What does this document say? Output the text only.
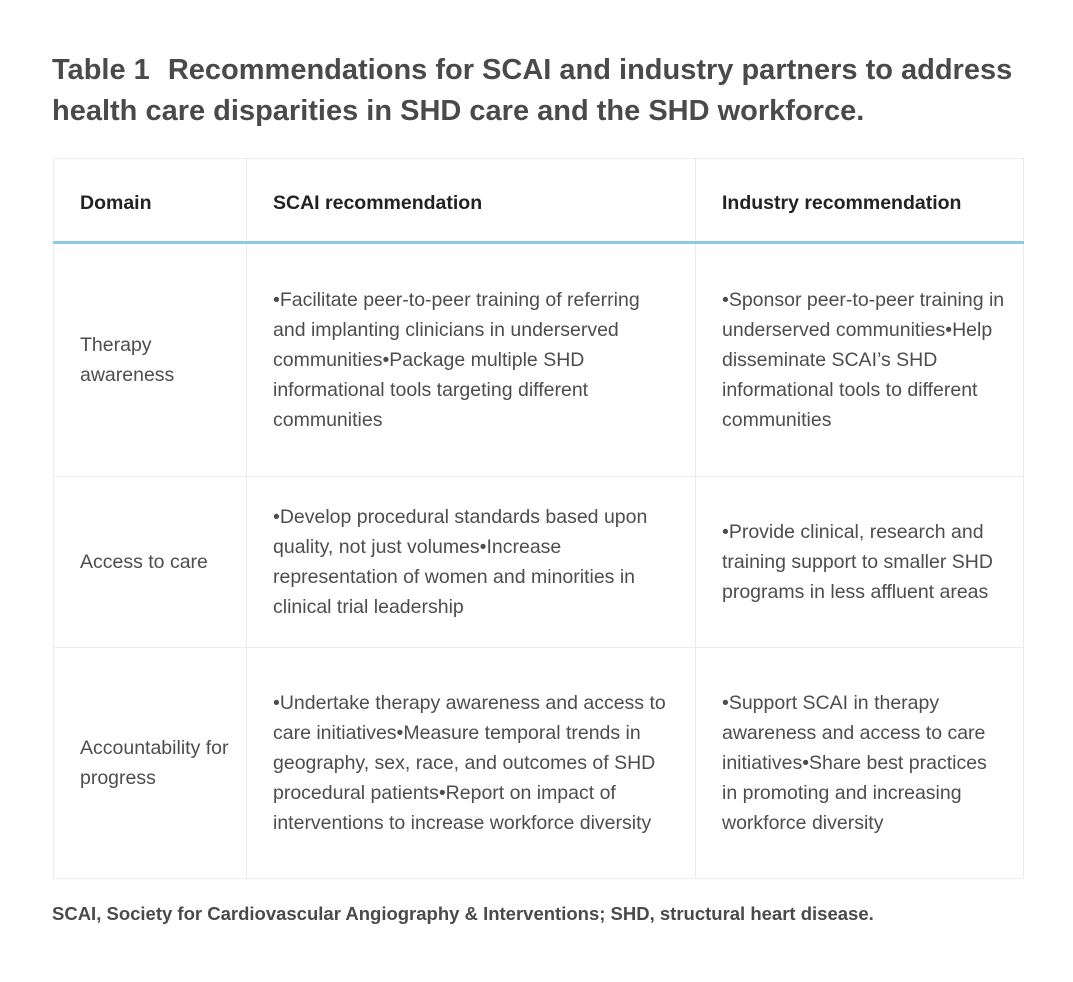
Table 1 Recommendations for SCAI and industry partners to address health care disparities in SHD care and the SHD workforce.
Domain	SCAI recommendation	Industry recommendation
Therapy awareness	•Facilitate peer-to-peer training of referring and implanting clinicians in underserved communities•Package multiple SHD informational tools targeting different communities	•Sponsor peer-to-peer training in underserved communities•Help disseminate SCAI’s SHD informational tools to different communities
Access to care	•Develop procedural standards based upon quality, not just volumes•Increase representation of women and minorities in clinical trial leadership	•Provide clinical, research and training support to smaller SHD programs in less affluent areas
Accountability for progress	•Undertake therapy awareness and access to care initiatives•Measure temporal trends in geography, sex, race, and outcomes of SHD procedural patients•Report on impact of interventions to increase workforce diversity	•Support SCAI in therapy awareness and access to care initiatives•Share best practices in promoting and increasing workforce diversity

SCAI, Society for Cardiovascular Angiography & Interventions; SHD, structural heart disease.
